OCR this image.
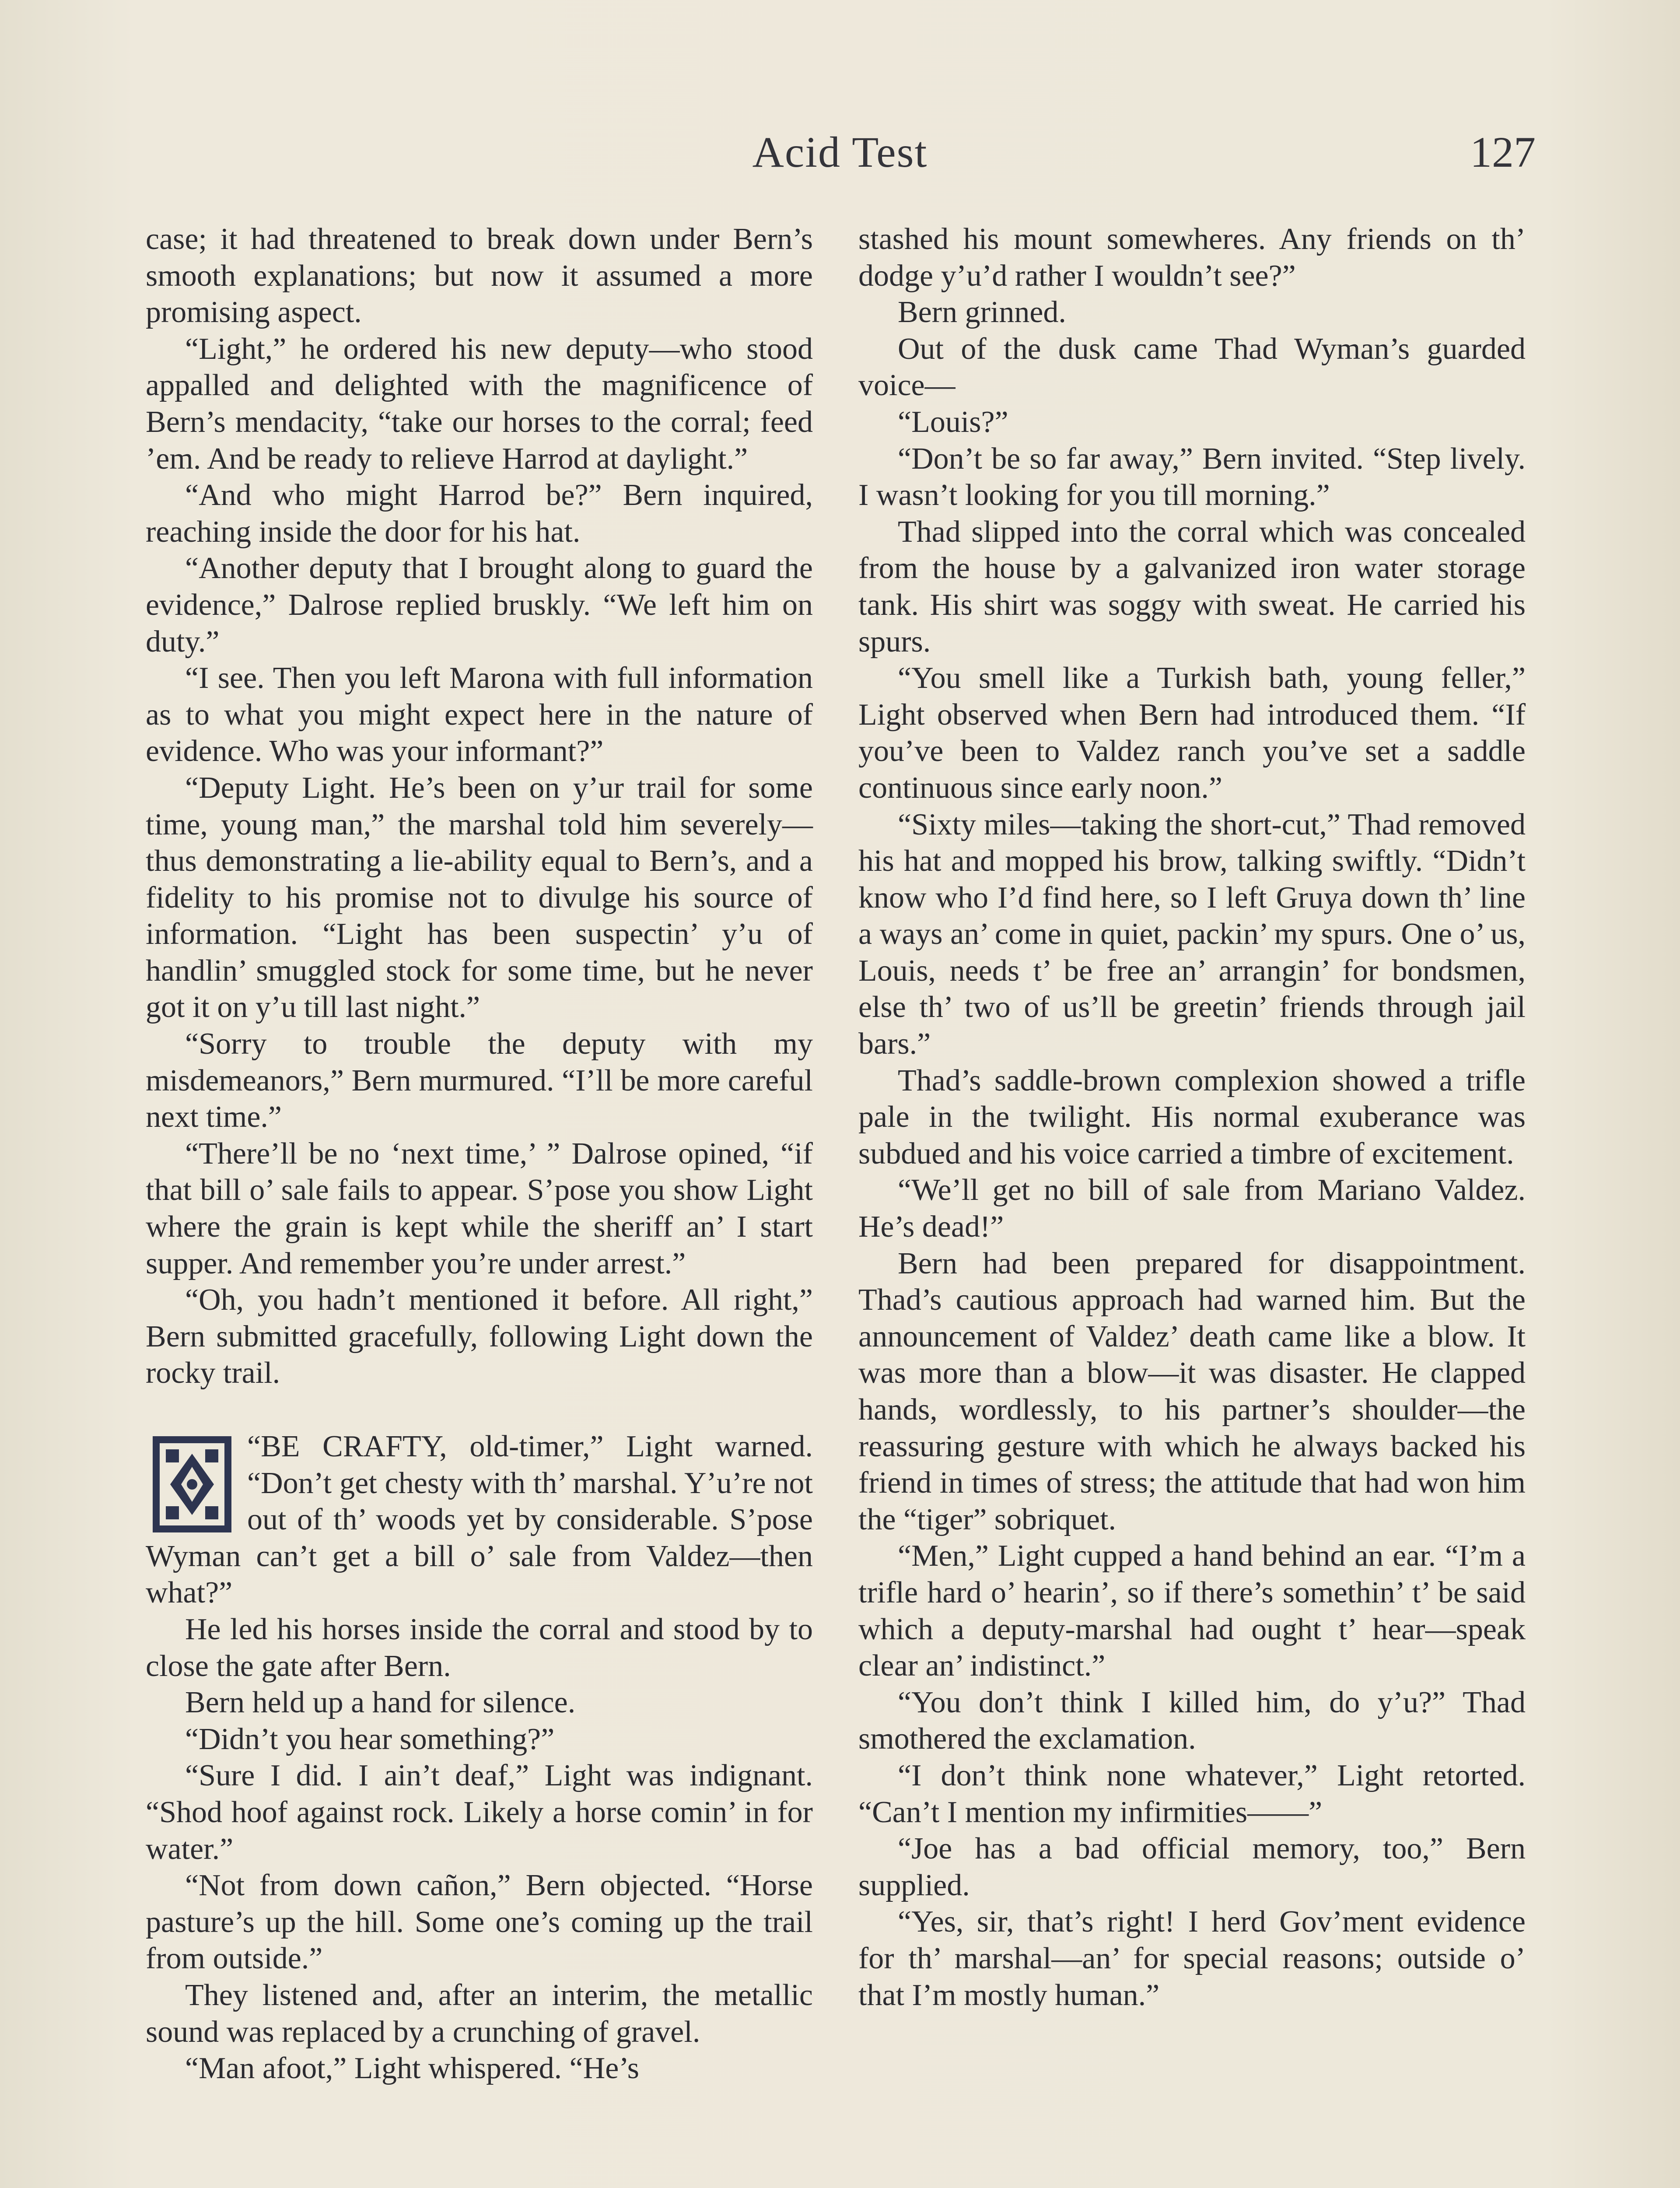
Acid Test	127

case; it had threatened to break down under Bern’s smooth explanations; but now it assumed a more promising aspect.

“Light,” he ordered his new deputy—who stood appalled and delighted with the magnificence of Bern’s mendacity, “take our horses to the corral; feed ’em. And be ready to relieve Harrod at daylight.”

“And who might Harrod be?” Bern inquired, reaching inside the door for his hat.

“Another deputy that I brought along to guard the evidence,” Dalrose replied bruskly. “We left him on duty.”

“I see. Then you left Marona with full information as to what you might expect here in the nature of evidence. Who was your informant?”

“Deputy Light. He’s been on y’ur trail for some time, young man,” the marshal told him severely—thus demonstrating a lie-ability equal to Bern’s, and a fidelity to his promise not to divulge his source of information. “Light has been suspectin’ y’u of handlin’ smuggled stock for some time, but he never got it on y’u till last night.”

“Sorry to trouble the deputy with my misdemeanors,” Bern murmured. “I’ll be more careful next time.”

“There’ll be no ‘next time,’ ” Dalrose opined, “if that bill o’ sale fails to appear. S’pose you show Light where the grain is kept while the sheriff an’ I start supper. And remember you’re under arrest.”

“Oh, you hadn’t mentioned it before. All right,” Bern submitted gracefully, following Light down the rocky trail.

“BE CRAFTY, old-timer,” Light warned. “Don’t get chesty with th’ marshal. Y’u’re not out of th’ woods yet by considerable. S’pose Wyman can’t get a bill o’ sale from Valdez—then what?”

He led his horses inside the corral and stood by to close the gate after Bern.

Bern held up a hand for silence.

“Didn’t you hear something?”

“Sure I did. I ain’t deaf,” Light was indignant. “Shod hoof against rock. Likely a horse comin’ in for water.”

“Not from down cañon,” Bern objected. “Horse pasture’s up the hill. Some one’s coming up the trail from outside.”

They listened and, after an interim, the metallic sound was replaced by a crunching of gravel.

“Man afoot,” Light whispered. “He’s

stashed his mount somewheres. Any friends on th’ dodge y’u’d rather I wouldn’t see?”

Bern grinned.

Out of the dusk came Thad Wyman’s guarded voice—

“Louis?”

“Don’t be so far away,” Bern invited. “Step lively. I wasn’t looking for you till morning.”

Thad slipped into the corral which was concealed from the house by a galvanized iron water storage tank. His shirt was soggy with sweat. He carried his spurs.

“You smell like a Turkish bath, young feller,” Light observed when Bern had introduced them. “If you’ve been to Valdez ranch you’ve set a saddle continuous since early noon.”

“Sixty miles—taking the short-cut,” Thad removed his hat and mopped his brow, talking swiftly. “Didn’t know who I’d find here, so I left Gruya down th’ line a ways an’ come in quiet, packin’ my spurs. One o’ us, Louis, needs t’ be free an’ arrangin’ for bondsmen, else th’ two of us’ll be greetin’ friends through jail bars.”

Thad’s saddle-brown complexion showed a trifle pale in the twilight. His normal exuberance was subdued and his voice carried a timbre of excitement.

“We’ll get no bill of sale from Mariano Valdez. He’s dead!”

Bern had been prepared for disappointment. Thad’s cautious approach had warned him. But the announcement of Valdez’ death came like a blow. It was more than a blow—it was disaster. He clapped hands, wordlessly, to his partner’s shoulder—the reassuring gesture with which he always backed his friend in times of stress; the attitude that had won him the “tiger” sobriquet.

“Men,” Light cupped a hand behind an ear. “I’m a trifle hard o’ hearin’, so if there’s somethin’ t’ be said which a deputy-marshal had ought t’ hear—speak clear an’ indistinct.”

“You don’t think I killed him, do y’u?” Thad smothered the exclamation.

“I don’t think none whatever,” Light retorted. “Can’t I mention my infirmities——”

“Joe has a bad official memory, too,” Bern supplied.

“Yes, sir, that’s right! I herd Gov’ment evidence for th’ marshal—an’ for special reasons; outside o’ that I’m mostly human.”
